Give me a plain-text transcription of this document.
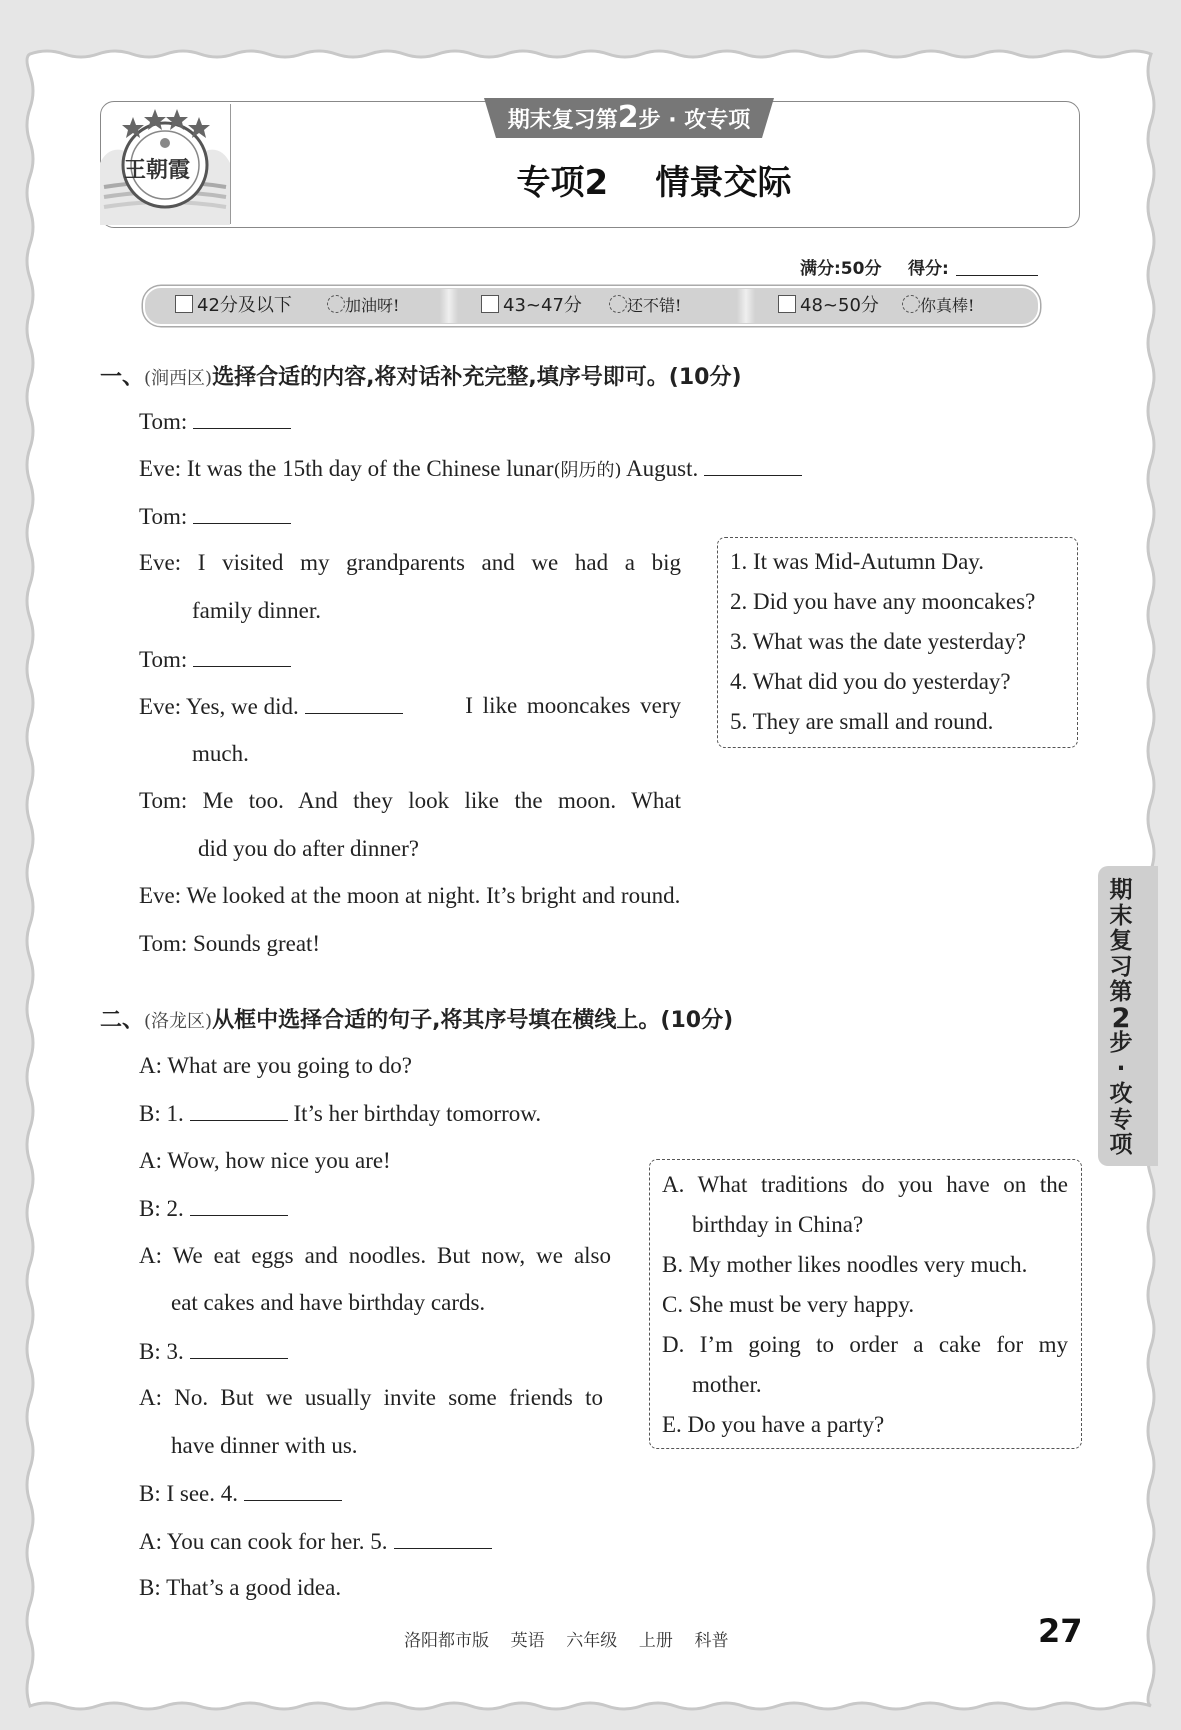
王朝霞
期末复习第2步 · 攻专项
专项2    情景交际
满分:50分 得分:
42分及以下	加油呀!	43~47分	还不错!	48~50分	你真棒!
一、(涧西区)选择合适的内容,将对话补充完整,填序号即可。(10分)
Tom:
Eve: It was the 15th day of the Chinese lunar(阴历的) August.
Tom:
Eve: I visited my grandparents and we had a big
family dinner.
Tom:
Eve: Yes, we did.	I like mooncakes very
much.
Tom: Me too. And they look like the moon. What
did you do after dinner?
Eve: We looked at the moon at night. It’s bright and round.
Tom: Sounds great!
1. It was Mid-Autumn Day.
2. Did you have any mooncakes?
3. What was the date yesterday?
4. What did you do yesterday?
5. They are small and round.
二、(洛龙区)从框中选择合适的句子,将其序号填在横线上。(10分)
A: What are you going to do?
B: 1.	It’s her birthday tomorrow.
A: Wow, how nice you are!
B: 2.
A: We eat eggs and noodles. But now, we also
eat cakes and have birthday cards.
B: 3.
A: No. But we usually invite some friends to
have dinner with us.
B: I see. 4.
A: You can cook for her. 5.
B: That’s a good idea.
A. What traditions do you have on the
birthday in China?
B. My mother likes noodles very much.
C. She must be very happy.
D. I’m going to order a cake for my
mother.
E. Do you have a party?
期
末
复
习
第
2
步
·
攻
专
项
洛阳都市版    英语    六年级    上册    科普	27
